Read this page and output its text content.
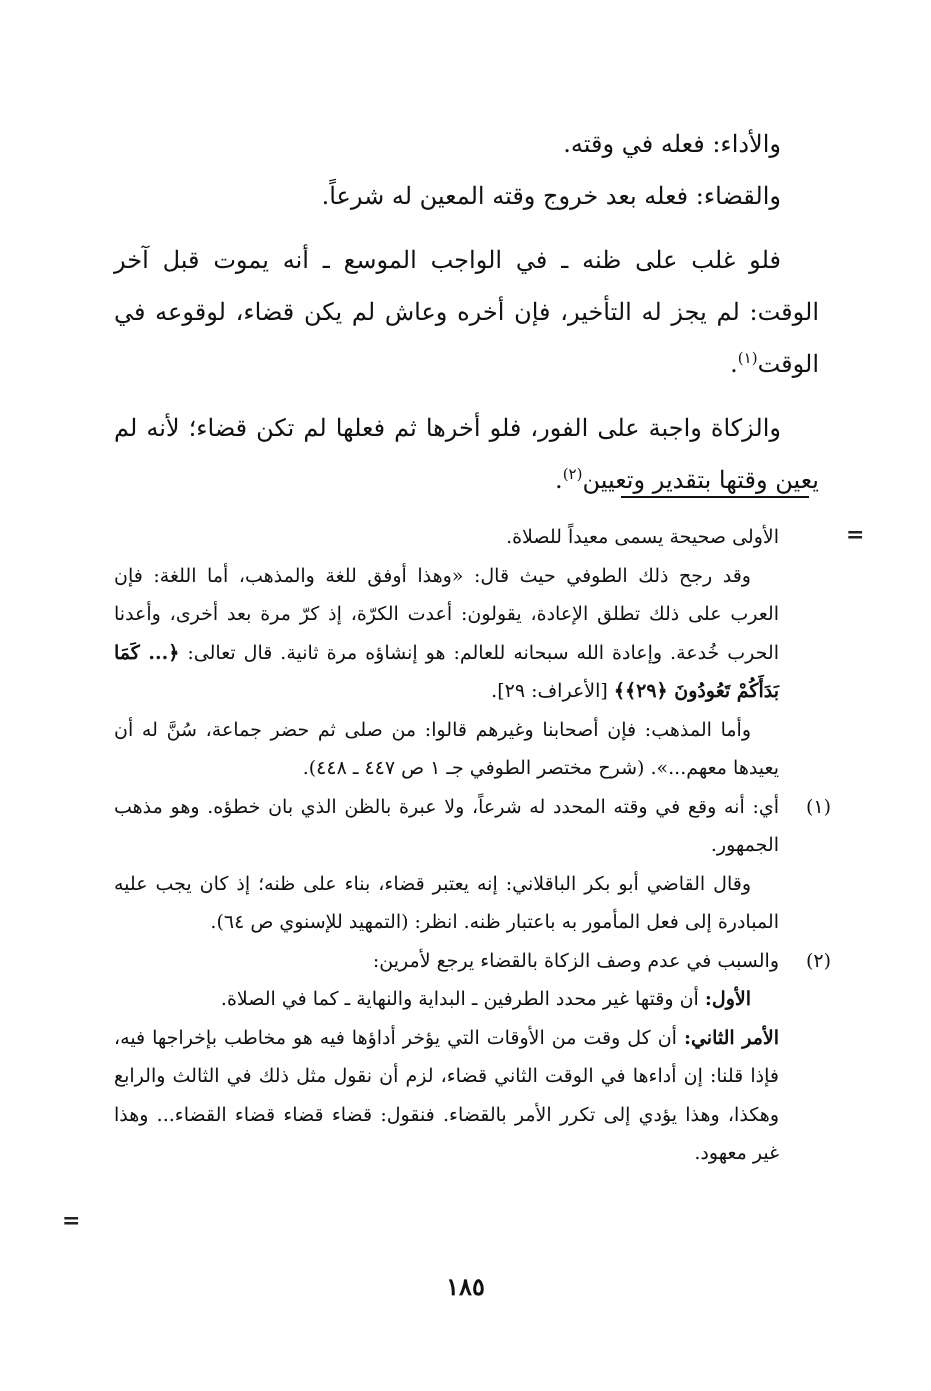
والأداء: فعله في وقته.

والقضاء: فعله بعد خروج وقته المعين له شرعاً.

فلو غلب على ظنه ـ في الواجب الموسع ـ أنه يموت قبل آخر الوقت: لم يجز له التأخير، فإن أخره وعاش لم يكن قضاء، لوقوعه في الوقت$^{(١)}$.

والزكاة واجبة على الفور، فلو أخرها ثم فعلها لم تكن قضاء؛ لأنه لم يعين وقتها بتقدير وتعيين$^{(٢)}$.

=

الأولى صحيحة يسمى معيداً للصلاة.

وقد رجح ذلك الطوفي حيث قال: «وهذا أوفق للغة والمذهب، أما اللغة: فإن العرب على ذلك تطلق الإعادة، يقولون: أعدت الكرّة، إذ كرّ مرة بعد أخرى، وأعدنا الحرب خُدعة. وإعادة الله سبحانه للعالم: هو إنشاؤه مرة ثانية. قال تعالى: ﴿... كَمَا بَدَأَكُمْ تَعُودُونَ ﴿٢٩﴾﴾ [الأعراف: ٢٩].

وأما المذهب: فإن أصحابنا وغيرهم قالوا: من صلى ثم حضر جماعة، سُنَّ له أن يعيدها معهم...». (شرح مختصر الطوفي جـ ١ ص ٤٤٧ ـ ٤٤٨).

(١)
أي: أنه وقع في وقته المحدد له شرعاً، ولا عبرة بالظن الذي بان خطؤه. وهو مذهب الجمهور.

وقال القاضي أبو بكر الباقلاني: إنه يعتبر قضاء، بناء على ظنه؛ إذ كان يجب عليه المبادرة إلى فعل المأمور به باعتبار ظنه. انظر: (التمهيد للإسنوي ص ٦٤).

(٢)
والسبب في عدم وصف الزكاة بالقضاء يرجع لأمرين:

الأول: أن وقتها غير محدد الطرفين ـ البداية والنهاية ـ كما في الصلاة.

الأمر الثاني: أن كل وقت من الأوقات التي يؤخر أداؤها فيه هو مخاطب بإخراجها فيه، فإذا قلنا: إن أداءها في الوقت الثاني قضاء، لزم أن نقول مثل ذلك في الثالث والرابع وهكذا، وهذا يؤدي إلى تكرر الأمر بالقضاء. فنقول: قضاء قضاء قضاء القضاء... وهذا غير معهود.

=
١٨٥
